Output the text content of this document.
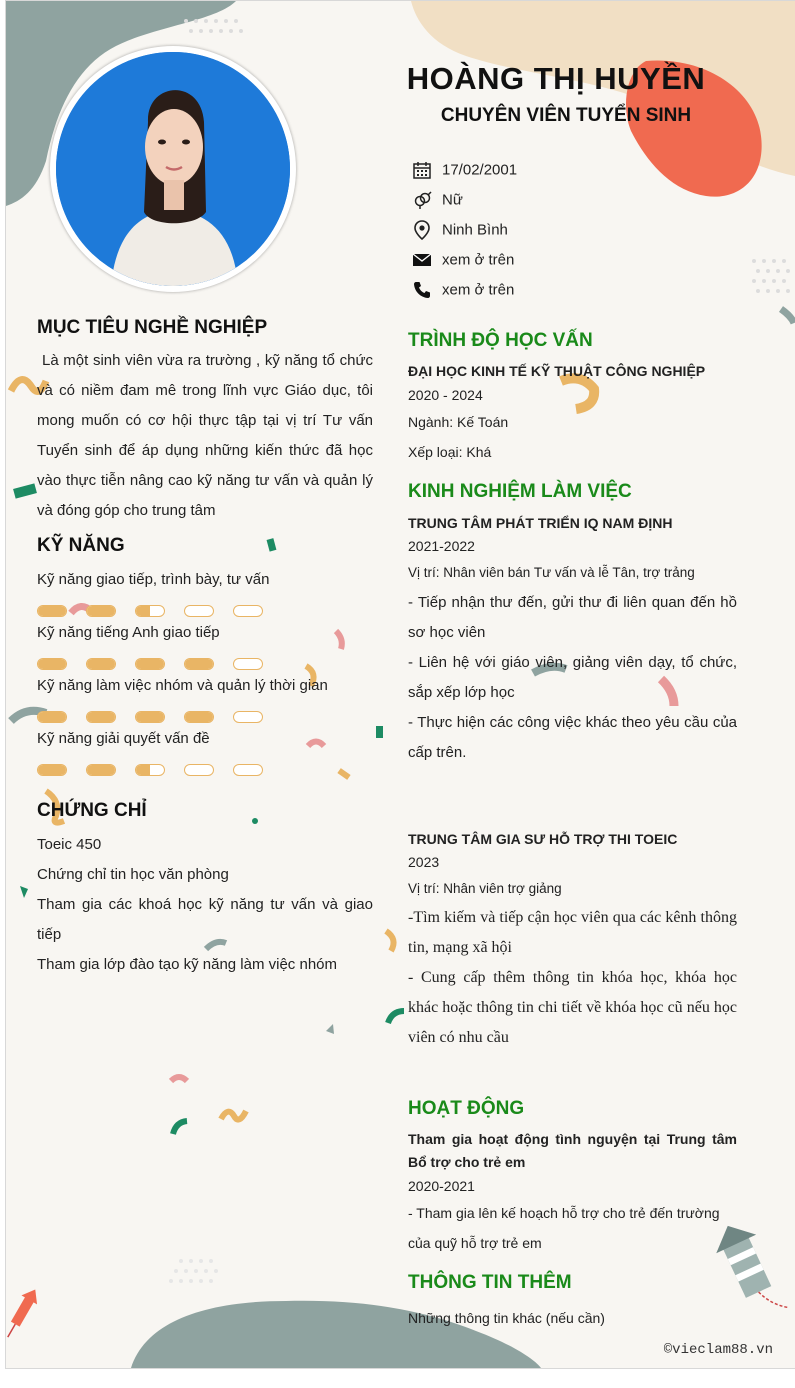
HOÀNG THỊ HUYỀN
CHUYÊN VIÊN TUYỂN SINH
17/02/2001
Nữ
Ninh Bình
xem ở trên
xem ở trên
MỤC TIÊU NGHỀ NGHIỆP
Là một sinh viên vừa ra trường , kỹ năng tổ chức và có niềm đam mê trong lĩnh vực Giáo dục, tôi mong muốn có cơ hội thực tập tại vị trí Tư vấn Tuyển sinh để áp dụng những kiến thức đã học vào thực tiễn nâng cao kỹ năng tư vấn và quản lý và đóng góp cho trung tâm
KỸ NĂNG
Kỹ năng giao tiếp, trình bày, tư vấn
Kỹ năng tiếng Anh giao tiếp
Kỹ năng làm việc nhóm và quản lý thời gian
Kỹ năng giải quyết vấn đề
CHỨNG CHỈ
Toeic 450
Chứng chỉ tin học văn phòng
Tham gia các khoá học kỹ năng tư vấn và giao tiếp
Tham gia lớp đào tạo kỹ năng làm việc nhóm
TRÌNH ĐỘ HỌC VẤN
ĐẠI HỌC KINH TẾ KỸ THUẬT CÔNG NGHIỆP
2020 - 2024
Ngành: Kế Toán
Xếp loại: Khá
KINH NGHIỆM LÀM VIỆC
TRUNG TÂM PHÁT TRIỂN IQ NAM ĐỊNH
2021-2022
Vị trí: Nhân viên bán Tư vấn và lễ Tân, trợ trảng
- Tiếp nhận thư đến, gửi thư đi liên quan đến hồ sơ học viên
- Liên hệ với giáo viên, giảng viên dạy, tổ chức, sắp xếp lớp học
- Thực hiện các công việc khác theo yêu cầu của cấp trên.
TRUNG TÂM GIA SƯ HỖ TRỢ THI TOEIC
2023
Vị trí: Nhân viên trợ giảng
-Tìm kiếm và tiếp cận học viên qua các kênh thông tin, mạng xã hội
- Cung cấp thêm thông tin khóa học, khóa học khác hoặc thông tin chi tiết về khóa học cũ nếu học viên có nhu cầu
HOẠT ĐỘNG
Tham gia hoạt động tình nguyện tại Trung tâm Bổ trợ cho trẻ em
2020-2021
- Tham gia lên kế hoạch hỗ trợ cho trẻ đến trường của quỹ hỗ trợ trẻ em
THÔNG TIN THÊM
Những thông tin khác (nếu cần)
©vieclam88.vn
